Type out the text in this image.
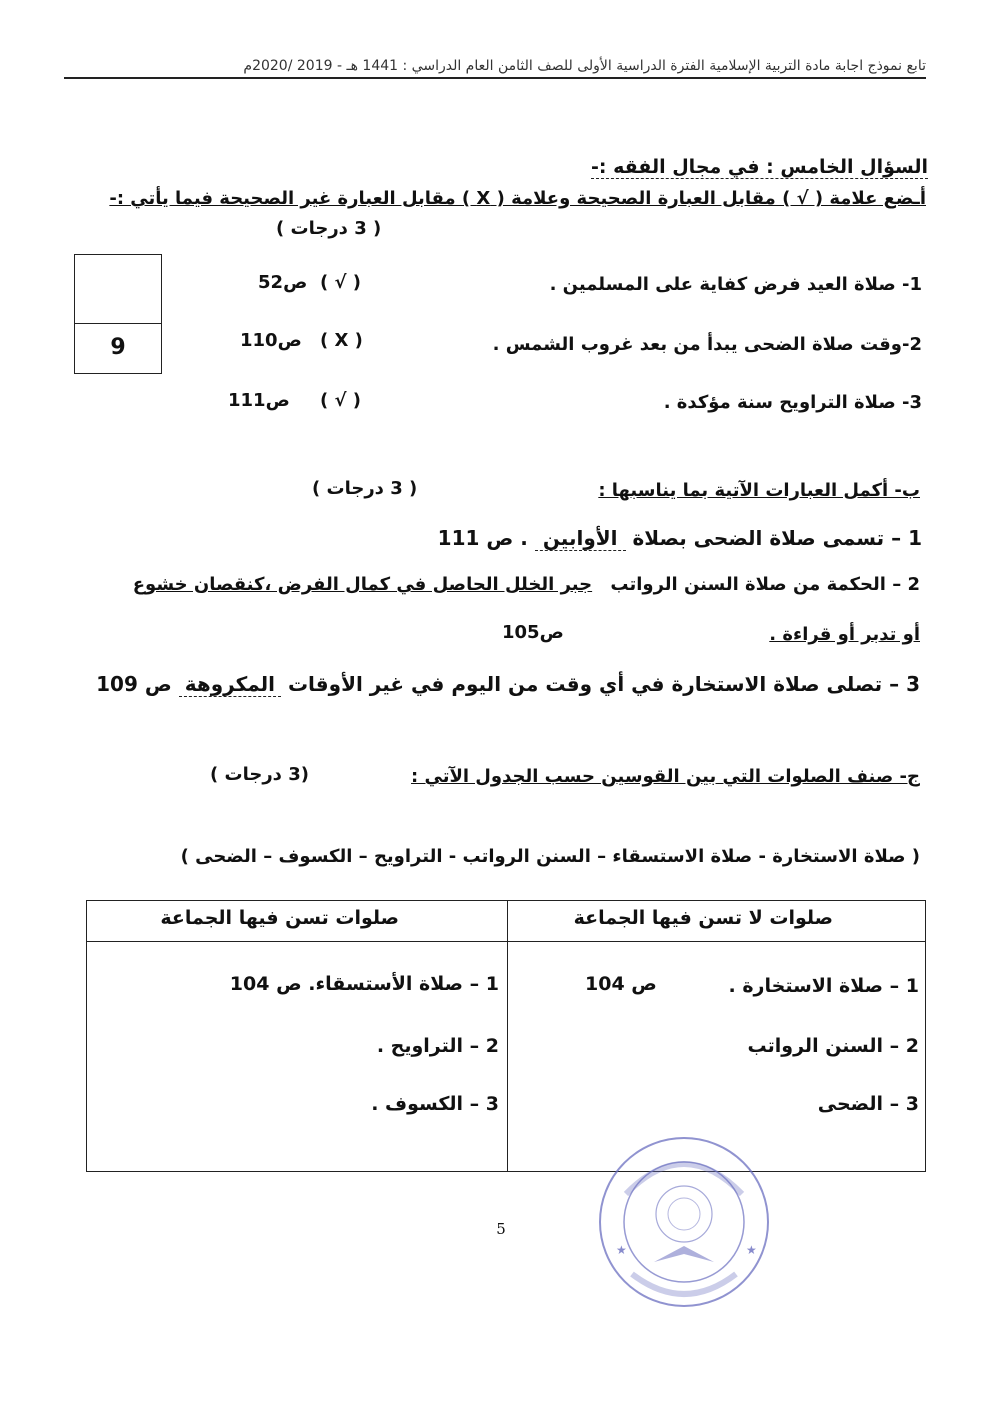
تابع نموذج اجابة مادة التربية الإسلامية الفترة الدراسية الأولى للصف الثامن العام الدراسي : 1441 هـ - 2019 /2020م
السؤال الخامس : في مجال الفقه :-
أـضع علامة ( √ ) مقابل العبارة الصحيحة وعلامة ( X ) مقابل العبارة غير الصحيحة فيما يأتي :-
( 3 درجات )
9
1- صلاة العيد فرض كفاية على المسلمين .
( √ )
ص52
2-وقت صلاة الضحى يبدأ من بعد غروب الشمس .
( X )
ص110
3- صلاة التراويح سنة مؤكدة .
( √ )
ص111
ب- أكمل العبارات الآتية بما يناسبها :
( 3 درجات )
1 – تسمى صلاة الضحى بصلاة الأوابين . ص 111
2 – الحكمة من صلاة السنن الرواتب جبر الخلل الحاصل في كمال الفرض ،كنقصان خشوع
أو تدبر أو قراءة .
ص105
3 – تصلى صلاة الاستخارة في أي وقت من اليوم في غير الأوقات المكروهة ص 109
ج- صنف الصلوات التي بين القوسين حسب الجدول الآتي :
(3 درجات )
( صلاة الاستخارة - صلاة الاستسقاء – السنن الرواتب - التراويح – الكسوف – الضحى )
صلوات لا تسن فيها الجماعة
صلوات تسن فيها الجماعة
1 – صلاة الاستخارة .
ص 104
2 – السنن الرواتب
3 – الضحى
1 – صلاة الأستسقاء. ص 104
2 – التراويح .
3 – الكسوف .
5
★	★
